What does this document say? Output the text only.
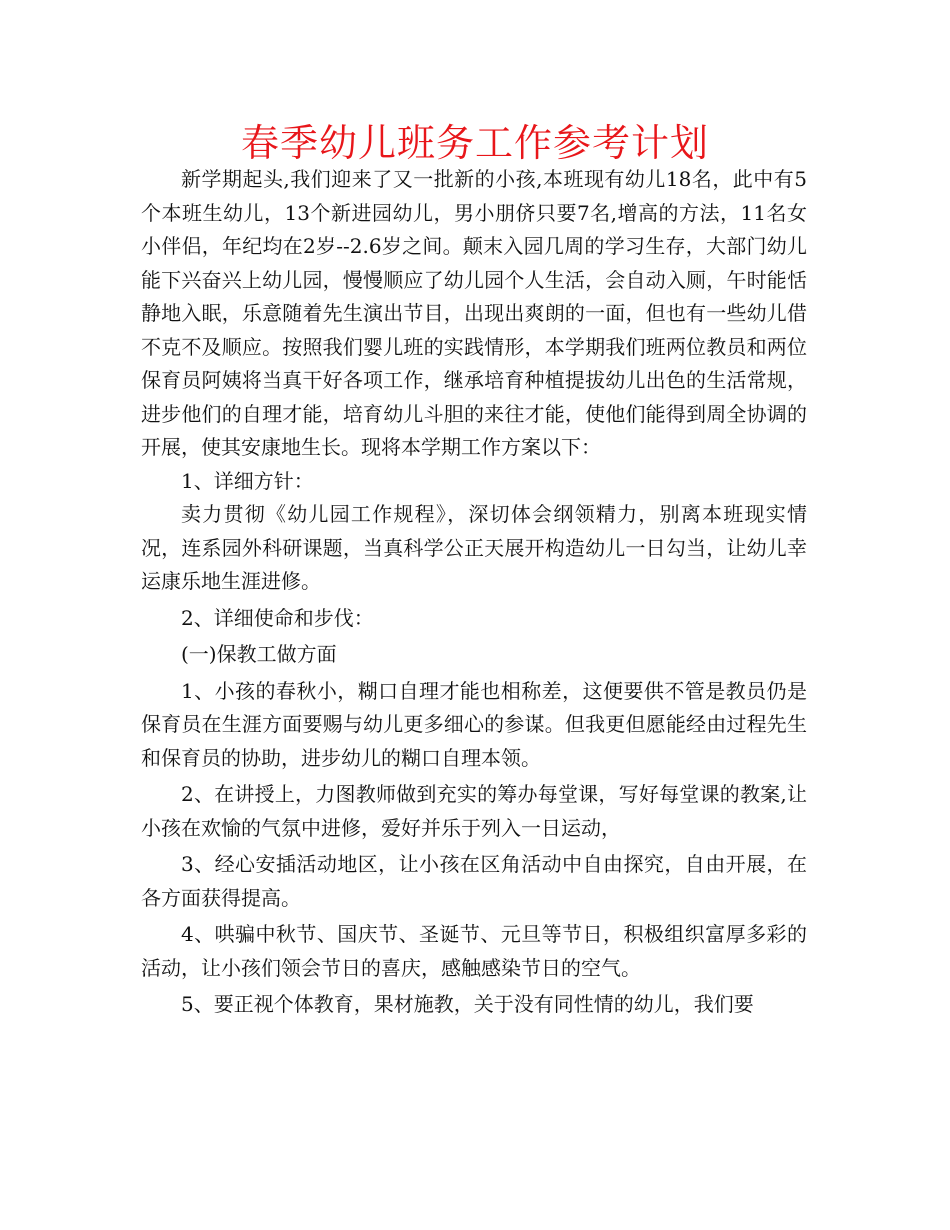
春季幼儿班务工作参考计划

新学期起头,我们迎来了又一批新的小孩,本班现有幼儿18名，此中有5个本班生幼儿，13个新进园幼儿，男小朋侪只要7名,增高的方法，11名女小伴侣，年纪均在2岁--2.6岁之间。颠末入园几周的学习生存，大部门幼儿能下兴奋兴上幼儿园，慢慢顺应了幼儿园个人生活，会自动入厕，午时能恬静地入眠，乐意随着先生演出节目，出现出爽朗的一面，但也有一些幼儿借不克不及顺应。按照我们婴儿班的实践情形，本学期我们班两位教员和两位保育员阿姨将当真干好各项工作，继承培育种植提拔幼儿出色的生活常规，进步他们的自理才能，培育幼儿斗胆的来往才能，使他们能得到周全协调的开展，使其安康地生长。现将本学期工作方案以下：

1、详细方针：

卖力贯彻《幼儿园工作规程》，深切体会纲领精力，别离本班现实情况，连系园外科研课题，当真科学公正天展开构造幼儿一日勾当，让幼儿幸运康乐地生涯进修。

2、详细使命和步伐：

(一)保教工做方面

1、小孩的春秋小，糊口自理才能也相称差，这便要供不管是教员仍是保育员在生涯方面要赐与幼儿更多细心的参谋。但我更但愿能经由过程先生和保育员的协助，进步幼儿的糊口自理本领。

2、在讲授上，力图教师做到充实的筹办每堂课，写好每堂课的教案,让小孩在欢愉的气氛中进修，爱好并乐于列入一日运动，

3、经心安插活动地区，让小孩在区角活动中自由探究，自由开展，在各方面获得提高。

4、哄骗中秋节、国庆节、圣诞节、元旦等节日，积极组织富厚多彩的活动，让小孩们领会节日的喜庆，感触感染节日的空气。

5、要正视个体教育，果材施教，关于没有同性情的幼儿，我们要
